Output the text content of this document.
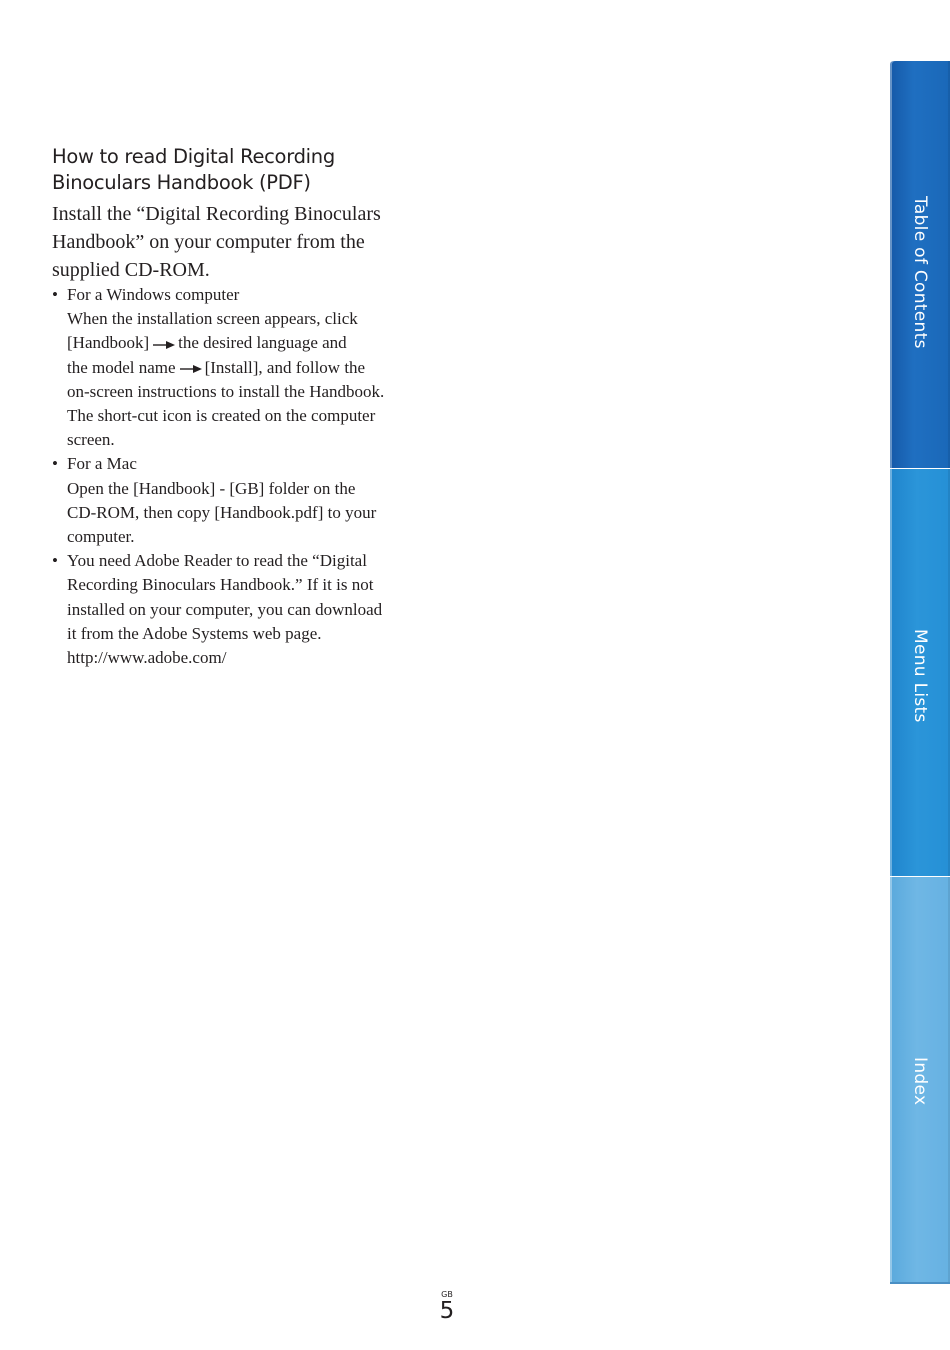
How to read Digital Recording
Binoculars Handbook (PDF)

Install the “Digital Recording Binoculars
Handbook” on your computer from the
supplied CD-ROM.

• For a Windows computer
When the installation screen appears, click
[Handbook] the desired language and
the model name [Install], and follow the
on-screen instructions to install the Handbook.
The short-cut icon is created on the computer
screen.
• For a Mac
Open the [Handbook] - [GB] folder on the
CD-ROM, then copy [Handbook.pdf] to your
computer.
• You need Adobe Reader to read the “Digital
Recording Binoculars Handbook.” If it is not
installed on your computer, you can download
it from the Adobe Systems web page.
http://www.adobe.com/
Table of Contents
Menu Lists
Index
GB
5
